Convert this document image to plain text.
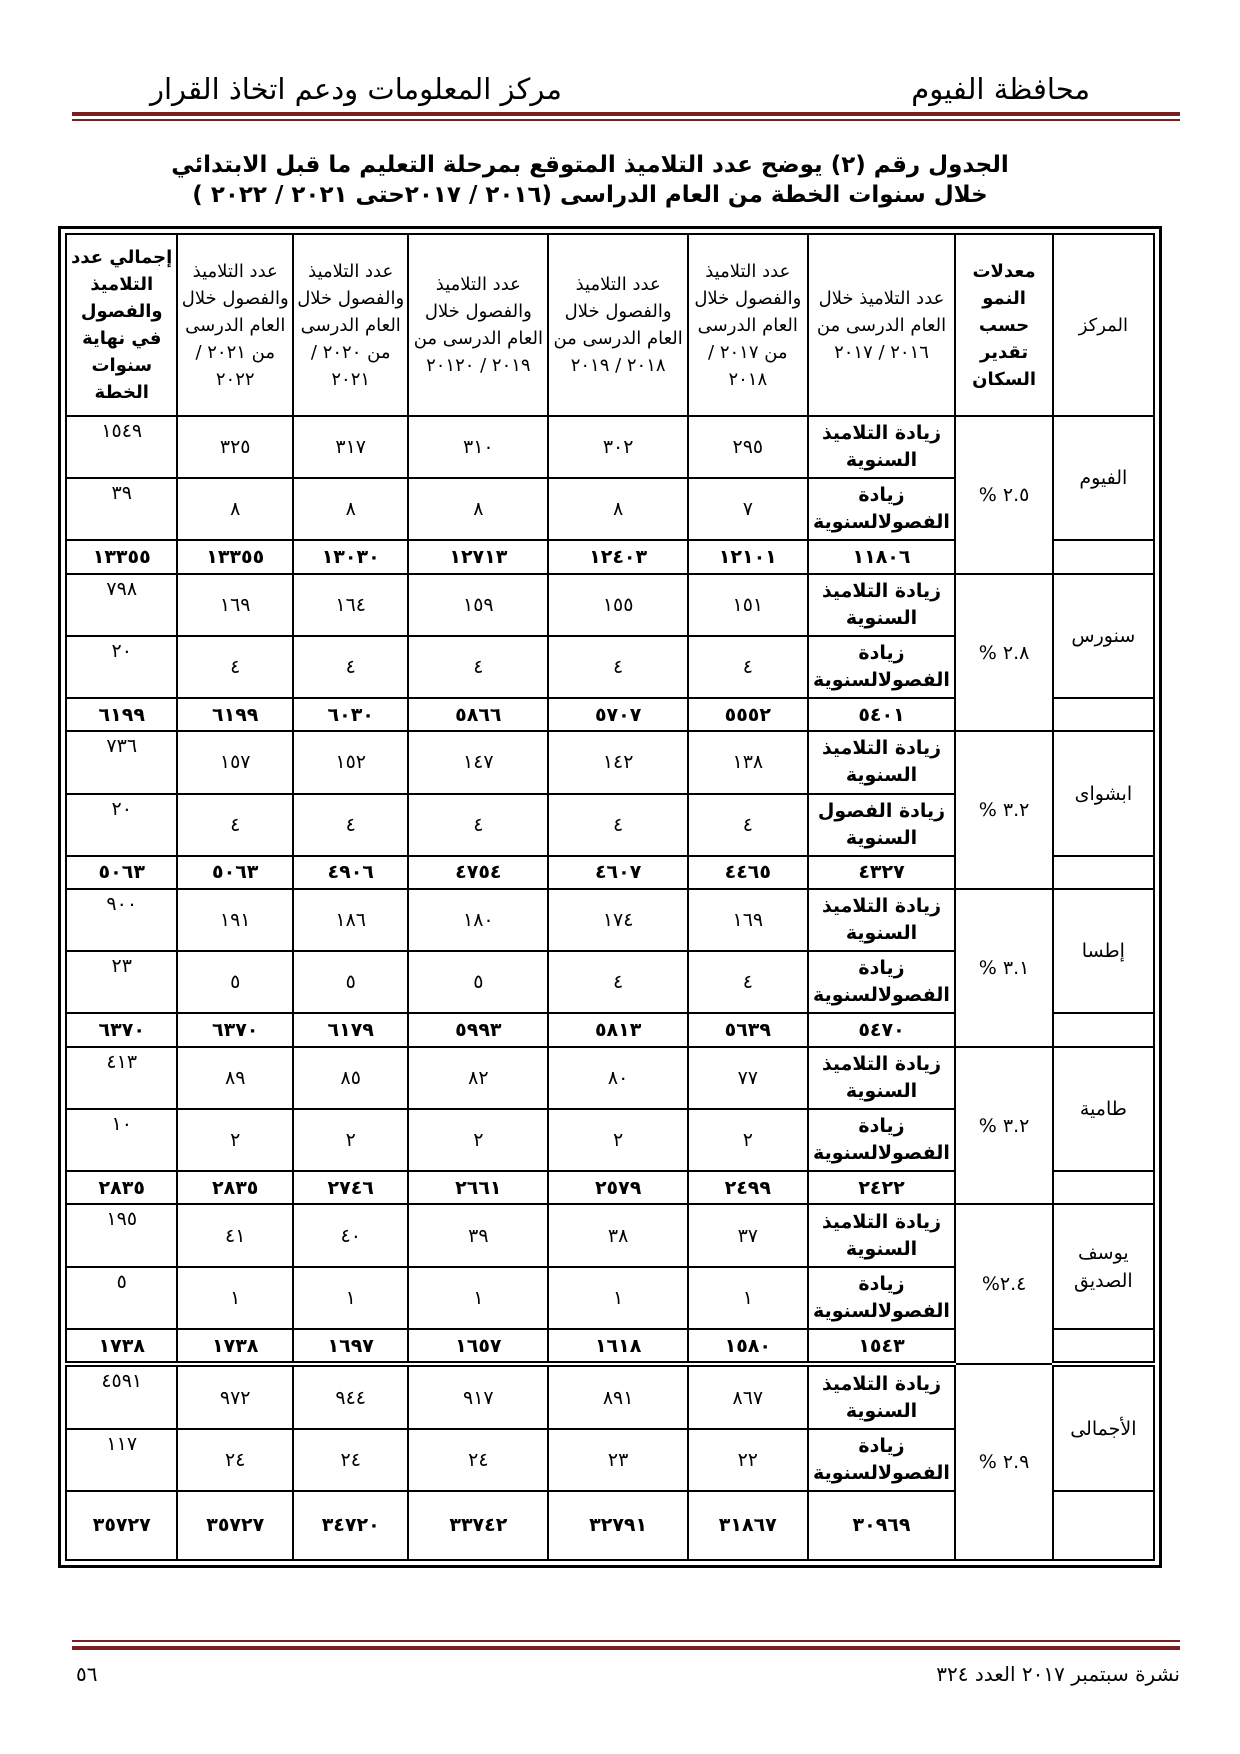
محافظة الفيوم
مركز المعلومات ودعم اتخاذ القرار
الجدول رقم (٢) يوضح عدد التلاميذ المتوقع بمرحلة التعليم ما قبل الابتدائي
خلال سنوات الخطة من العام الدراسى (٢٠١٦ / ٢٠١٧حتى ٢٠٢١ / ٢٠٢٢ )
المركز	معدلات النمو حسب تقدير السكان	عدد التلاميذ خلال العام الدرسى من ٢٠١٦ / ٢٠١٧	عدد التلاميذ والفصول خلال العام الدرسى من ٢٠١٧ / ٢٠١٨	عدد التلاميذ والفصول خلال العام الدرسى من ٢٠١٨ / ٢٠١٩	عدد التلاميذ والفصول خلال العام الدرسى من ٢٠١٩ / ٢٠١٢٠	عدد التلاميذ والفصول خلال العام الدرسى من ٢٠٢٠ / ٢٠٢١	عدد التلاميذ والفصول خلال العام الدرسى من ٢٠٢١ / ٢٠٢٢	إجمالي عدد التلاميذ والفصول في نهاية سنوات الخطة
الفيوم	٢.٥ %	زيادة التلاميذ السنوية	٢٩٥	٣٠٢	٣١٠	٣١٧	٣٢٥	١٥٤٩
		زيادة الفصولالسنوية	٧	٨	٨	٨	٨	٣٩
		١١٨٠٦	١٢١٠١	١٢٤٠٣	١٢٧١٣	١٣٠٣٠	١٣٣٥٥	١٣٣٥٥
سنورس	٢.٨ %	زيادة التلاميذ السنوية	١٥١	١٥٥	١٥٩	١٦٤	١٦٩	٧٩٨
		زيادة الفصولالسنوية	٤	٤	٤	٤	٤	٢٠
		٥٤٠١	٥٥٥٢	٥٧٠٧	٥٨٦٦	٦٠٣٠	٦١٩٩	٦١٩٩
ابشواى	٣.٢ %	زيادة التلاميذ السنوية	١٣٨	١٤٢	١٤٧	١٥٢	١٥٧	٧٣٦
		زيادة الفصول السنوية	٤	٤	٤	٤	٤	٢٠
		٤٣٢٧	٤٤٦٥	٤٦٠٧	٤٧٥٤	٤٩٠٦	٥٠٦٣	٥٠٦٣
إطسا	٣.١ %	زيادة التلاميذ السنوية	١٦٩	١٧٤	١٨٠	١٨٦	١٩١	٩٠٠
		زيادة الفصولالسنوية	٤	٤	٥	٥	٥	٢٣
		٥٤٧٠	٥٦٣٩	٥٨١٣	٥٩٩٣	٦١٧٩	٦٣٧٠	٦٣٧٠
طامية	٣.٢ %	زيادة التلاميذ السنوية	٧٧	٨٠	٨٢	٨٥	٨٩	٤١٣
		زيادة الفصولالسنوية	٢	٢	٢	٢	٢	١٠
		٢٤٢٢	٢٤٩٩	٢٥٧٩	٢٦٦١	٢٧٤٦	٢٨٣٥	٢٨٣٥
يوسف الصديق	٢.٤%	زيادة التلاميذ السنوية	٣٧	٣٨	٣٩	٤٠	٤١	١٩٥
		زيادة الفصولالسنوية	١	١	١	١	١	٥
		١٥٤٣	١٥٨٠	١٦١٨	١٦٥٧	١٦٩٧	١٧٣٨	١٧٣٨
الأجمالى	٢.٩ %	زيادة التلاميذ السنوية	٨٦٧	٨٩١	٩١٧	٩٤٤	٩٧٢	٤٥٩١
		زيادة الفصولالسنوية	٢٢	٢٣	٢٤	٢٤	٢٤	١١٧
		٣٠٩٦٩	٣١٨٦٧	٣٢٧٩١	٣٣٧٤٢	٣٤٧٢٠	٣٥٧٢٧	٣٥٧٢٧
نشرة سبتمبر ٢٠١٧ العدد ٣٢٤
٥٦
